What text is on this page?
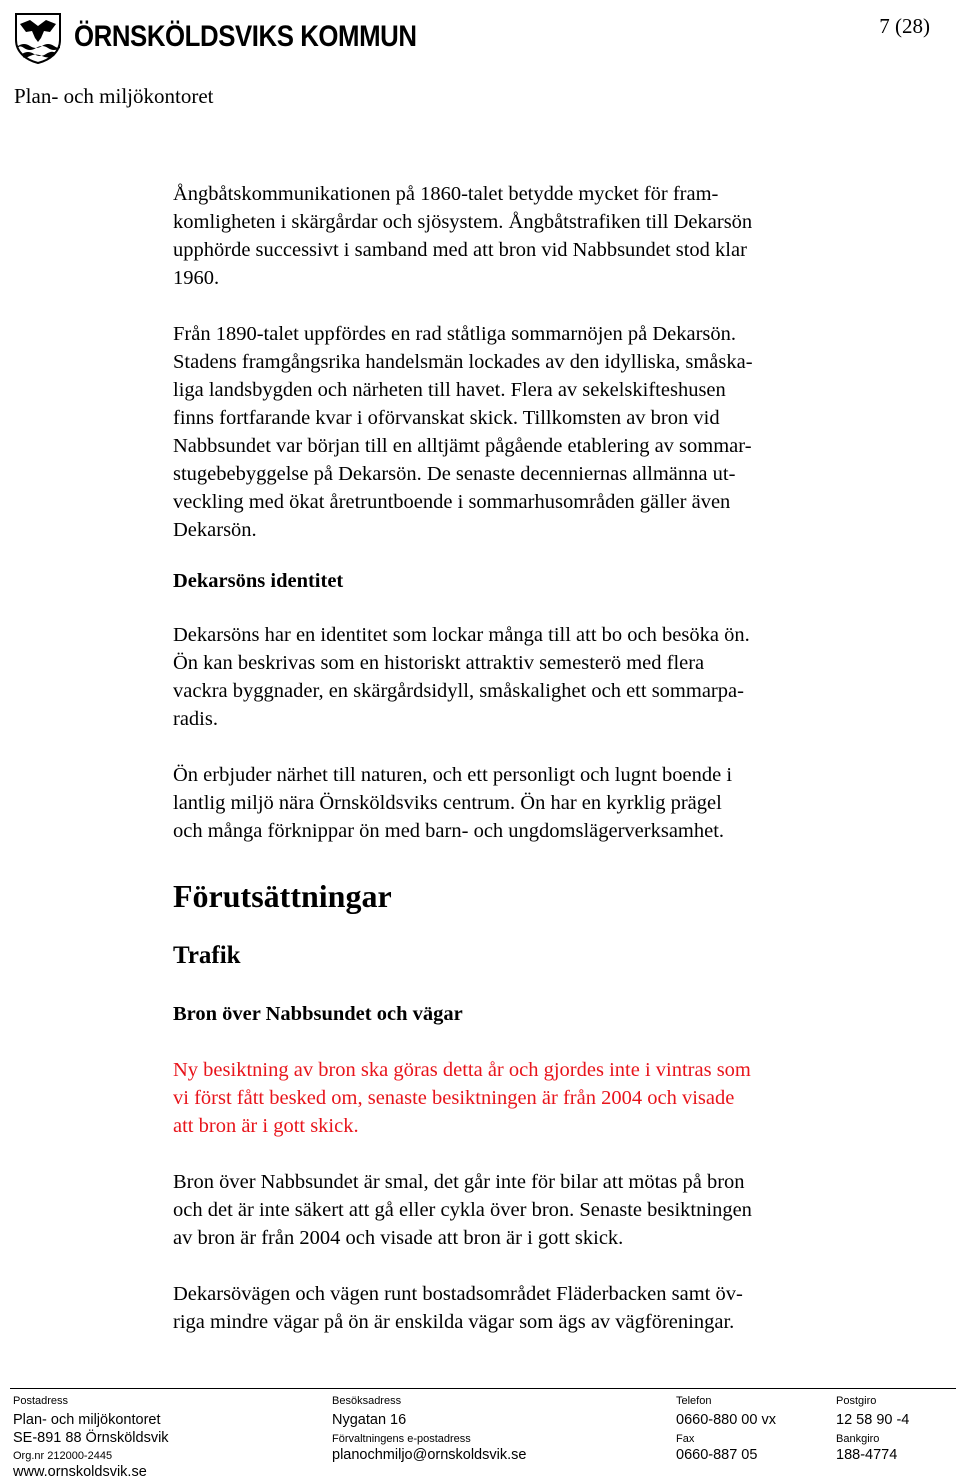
ÖRNSKÖLDSVIKS KOMMUN	7 (28)
Plan- och miljökontoret

Ångbåtskommunikationen på 1860-talet betydde mycket för fram-
komligheten i skärgårdar och sjösystem. Ångbåtstrafiken till Dekarsön
upphörde successivt i samband med att bron vid Nabbsundet stod klar
1960.

Från 1890-talet uppfördes en rad ståtliga sommarnöjen på Dekarsön.
Stadens framgångsrika handelsmän lockades av den idylliska, småska-
liga landsbygden och närheten till havet. Flera av sekelskifteshusen
finns fortfarande kvar i oförvanskat skick. Tillkomsten av bron vid
Nabbsundet var början till en alltjämt pågående etablering av sommar-
stugebebyggelse på Dekarsön. De senaste decenniernas allmänna ut-
veckling med ökat åretruntboende i sommarhusområden gäller även
Dekarsön.

Dekarsöns identitet

Dekarsöns har en identitet som lockar många till att bo och besöka ön.
Ön kan beskrivas som en historiskt attraktiv semesterö med flera
vackra byggnader, en skärgårdsidyll, småskalighet och ett sommarpa-
radis.

Ön erbjuder närhet till naturen, och ett personligt och lugnt boende i
lantlig miljö nära Örnsköldsviks centrum. Ön har en kyrklig prägel
och många förknippar ön med barn- och ungdomslägerverksamhet.

Förutsättningar
Trafik
Bron över Nabbsundet och vägar

Ny besiktning av bron ska göras detta år och gjordes inte i vintras som
vi först fått besked om, senaste besiktningen är från 2004 och visade
att bron är i gott skick.

Bron över Nabbsundet är smal, det går inte för bilar att mötas på bron
och det är inte säkert att gå eller cykla över bron. Senaste besiktningen
av bron är från 2004 och visade att bron är i gott skick.

Dekarsövägen och vägen runt bostadsområdet Fläderbacken samt öv-
riga mindre vägar på ön är enskilda vägar som ägs av vägföreningar.

Postadress
Plan- och miljökontoret
SE-891 88 Örnsköldsvik
Org.nr 212000-2445
www.ornskoldsvik.se
Besöksadress
Nygatan 16
Förvaltningens e-postadress
planochmiljo@ornskoldsvik.se
Telefon
0660-880 00 vx
Fax
0660-887 05
Postgiro
12 58 90 -4
Bankgiro
188-4774
